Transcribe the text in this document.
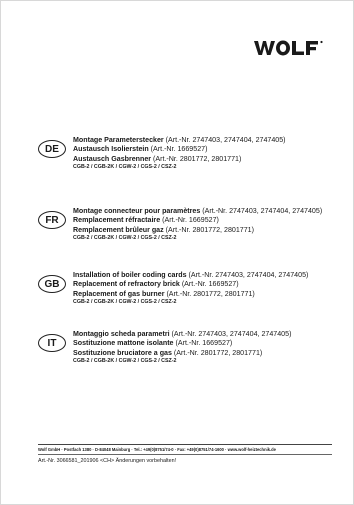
DE
Montage Parameterstecker (Art.-Nr. 2747403, 2747404, 2747405)
Austausch Isolierstein (Art.-Nr. 1669527)
Austausch Gasbrenner (Art.-Nr. 2801772, 2801771)
CGB-2 / CGB-2K / CGW-2 / CGS-2 / CSZ-2
FR
Montage connecteur pour paramètres (Art.-Nr. 2747403, 2747404, 2747405)
Remplacement réfractaire (Art.-Nr. 1669527)
Remplacement brûleur gaz (Art.-Nr. 2801772, 2801771)
CGB-2 / CGB-2K / CGW-2 / CGS-2 / CSZ-2
GB
Installation of boiler coding cards (Art.-Nr. 2747403, 2747404, 2747405)
Replacement of refractory brick (Art.-Nr. 1669527)
Replacement of gas burner (Art.-Nr. 2801772, 2801771)
CGB-2 / CGB-2K / CGW-2 / CGS-2 / CSZ-2
IT
Montaggio scheda parametri (Art.-Nr. 2747403, 2747404, 2747405)
Sostituzione mattone isolante (Art.-Nr. 1669527)
Sostituzione bruciatore a gas (Art.-Nr. 2801772, 2801771)
CGB-2 / CGB-2K / CGW-2 / CGS-2 / CSZ-2
Wolf GmbH · Postfach 1380 · D-84048 Mainburg · Tel.: +49(0)8751/74-0 · Fax: +49(0)8751/74-1600 · www.wolf-heiztechnik.de
Art.-Nr. 3066581_201906 <CH> Änderungen vorbehalten!
